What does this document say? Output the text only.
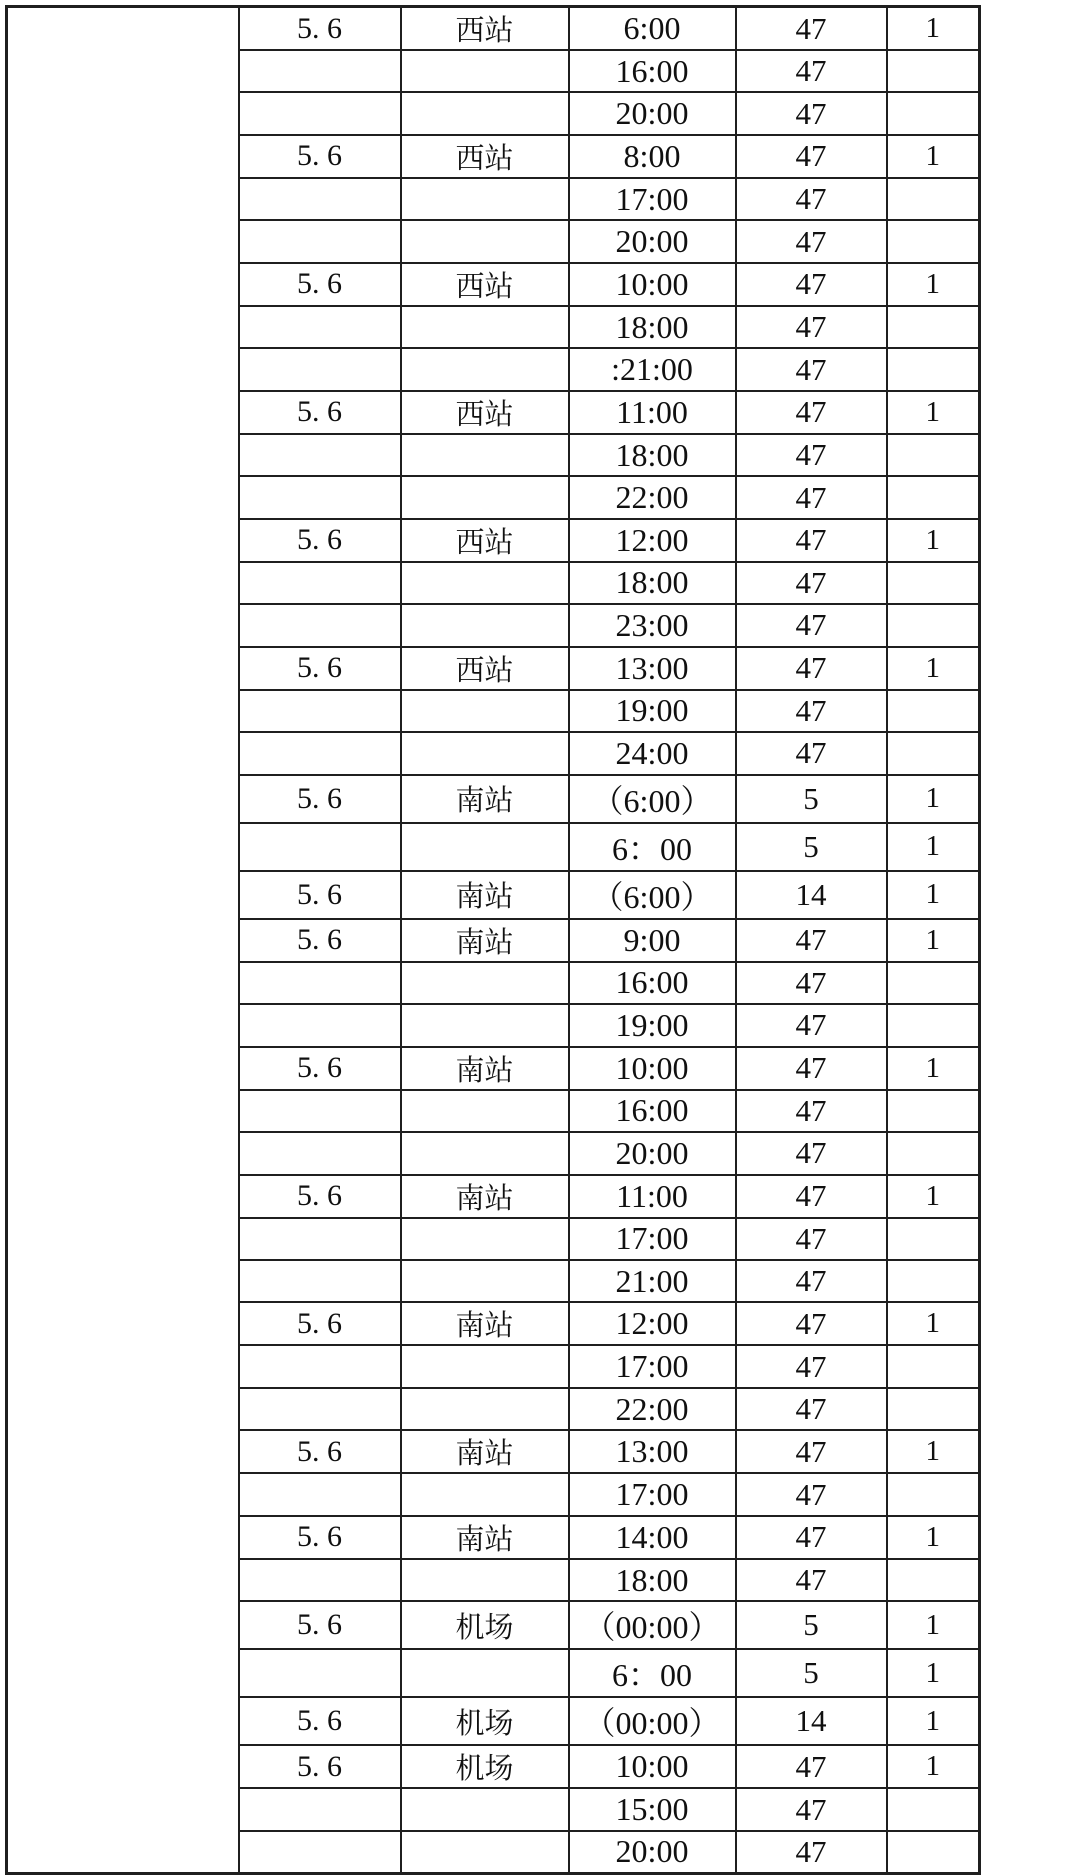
	5. 6	西站	6:00	47	1
			16:00	47	
			20:00	47	
	5. 6	西站	8:00	47	1
			17:00	47	
			20:00	47	
	5. 6	西站	10:00	47	1
			18:00	47	
			:21:00	47	
	5. 6	西站	11:00	47	1
			18:00	47	
			22:00	47	
	5. 6	西站	12:00	47	1
			18:00	47	
			23:00	47	
	5. 6	西站	13:00	47	1
			19:00	47	
			24:00	47	
	5. 6	南站	（6:00）	5	1
			6：00	5	1
	5. 6	南站	（6:00）	14	1
	5. 6	南站	9:00	47	1
			16:00	47	
			19:00	47	
	5. 6	南站	10:00	47	1
			16:00	47	
			20:00	47	
	5. 6	南站	11:00	47	1
			17:00	47	
			21:00	47	
	5. 6	南站	12:00	47	1
			17:00	47	
			22:00	47	
	5. 6	南站	13:00	47	1
			17:00	47	
	5. 6	南站	14:00	47	1
			18:00	47	
	5. 6	机场	（00:00）	5	1
			6：00	5	1
	5. 6	机场	（00:00）	14	1
	5. 6	机场	10:00	47	1
			15:00	47	
			20:00	47	
